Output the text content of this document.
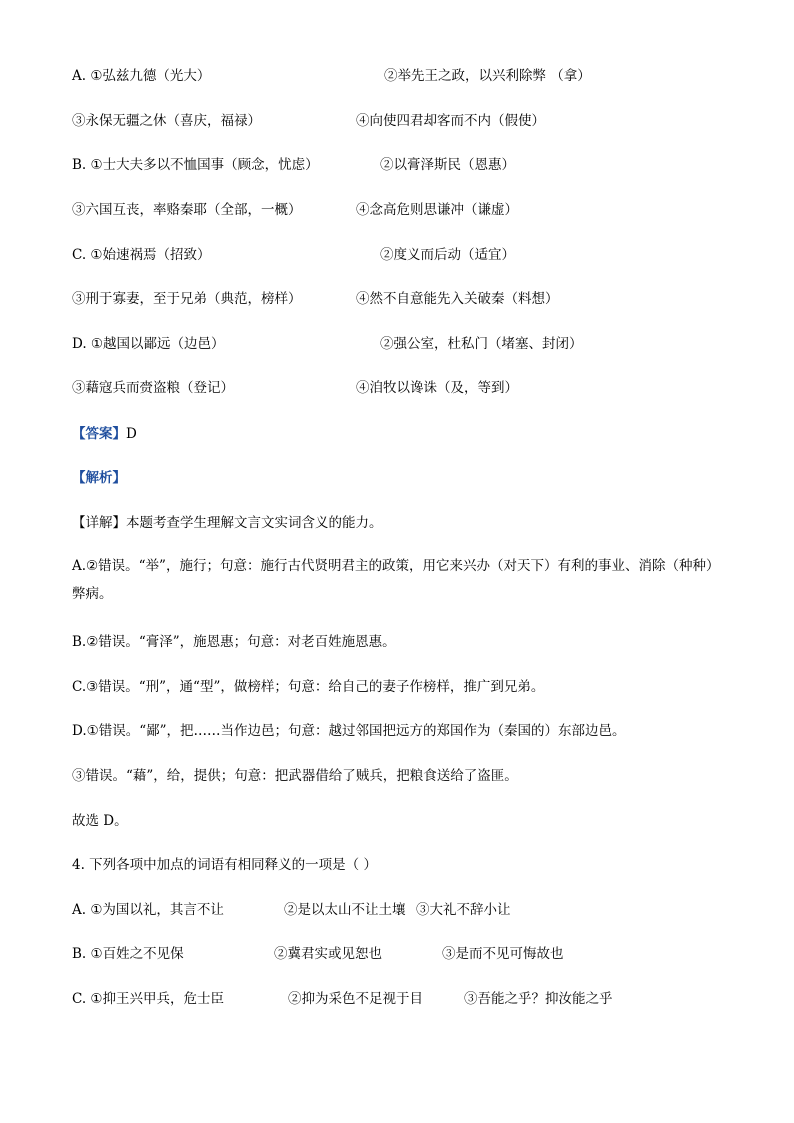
A. ①弘兹九德（光大）	②举先王之政，以兴利除弊 （拿）
③永保无疆之休（喜庆，福禄）	④向使四君却客而不内（假使）
B. ①士大夫多以不恤国事（顾念，忧虑）	②以膏泽斯民（恩惠）
③六国互丧，率赂秦耶（全部，一概）	④念高危则思谦冲（谦虚）
C. ①始速祸焉（招致）	②度义而后动（适宜）
③刑于寡妻，至于兄弟（典范，榜样）	④然不自意能先入关破秦（料想）
D. ①越国以鄙远（边邑）	②强公室，杜私门（堵塞、封闭）
③藉寇兵而赍盗粮（登记）	④洎牧以谗诛（及，等到）
【答案】D
【解析】
【详解】本题考查学生理解文言文实词含义的能力。
A.②错误。“举”，施行；句意：施行古代贤明君主的政策，用它来兴办（对天下）有利的事业、消除（种种）弊病。
B.②错误。“膏泽”，施恩惠；句意：对老百姓施恩惠。
C.③错误。“刑”，通“型”，做榜样；句意：给自己的妻子作榜样，推广到兄弟。
D.①错误。“鄙”，把……当作边邑；句意：越过邻国把远方的郑国作为（秦国的）东部边邑。
③错误。“藉”，给，提供；句意：把武器借给了贼兵，把粮食送给了盗匪。
故选 D。
4. 下列各项中加点的词语有相同释义的一项是（ ）
A. ①为国以礼，其言不让	②是以太山不让土壤 ③大礼不辞小让
B. ①百姓之不见保	②冀君实或见恕也	③是而不见可悔故也
C. ①抑王兴甲兵，危士臣	②抑为采色不足视于目	③吾能之乎？抑汝能之乎
